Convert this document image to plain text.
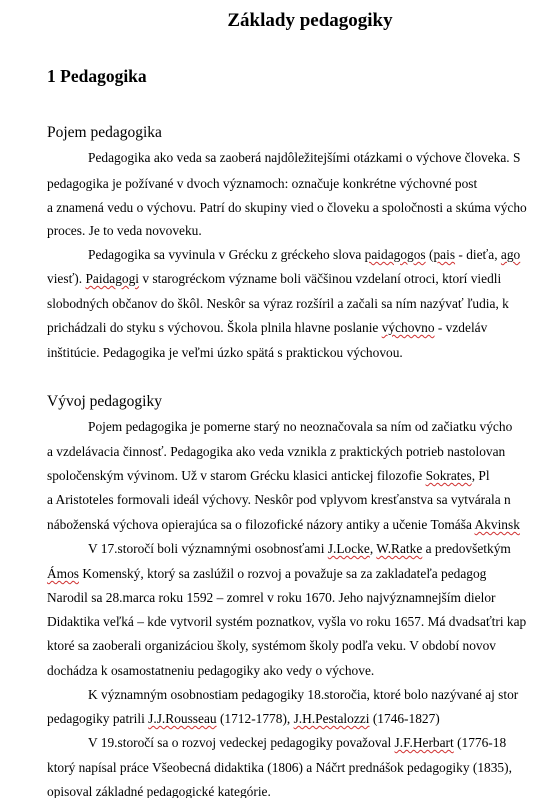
Základy pedagogiky
1 Pedagogika
Pojem pedagogika
Pedagogika ako veda sa zaoberá najdôležitejšími otázkami o výchove človeka. S
pedagogika je požívané v dvoch významoch: označuje konkrétne výchovné post
a znamená vedu o výchovu. Patrí do skupiny vied o človeku a spoločnosti a skúma výcho
proces. Je to veda novoveku.
Pedagogika sa vyvinula v Grécku z gréckeho slova paidagogos (pais - dieťa, ago
viesť). Paidagogi v starogréckom význame boli väčšinou vzdelaní otroci, ktorí viedli
slobodných občanov do škôl. Neskôr sa výraz rozšíril a začali sa ním nazývať ľudia, k
prichádzali do styku s výchovou. Škola plnila hlavne poslanie výchovno - vzdeláv
inštitúcie. Pedagogika je veľmi úzko spätá s praktickou výchovou.
Vývoj pedagogiky
Pojem pedagogika je pomerne starý no neoznačovala sa ním od začiatku výcho
a vzdelávacia činnosť. Pedagogika ako veda vznikla z praktických potrieb nastolovan
spoločenským vývinom. Už v starom Grécku klasici antickej filozofie Sokrates, Pl
a Aristoteles formovali ideál výchovy. Neskôr pod vplyvom kresťanstva sa vytvárala n
náboženská výchova opierajúca sa o filozofické názory antiky a učenie Tomáša Akvinsk
V 17.storočí boli významnými osobnosťami J.Locke, W.Ratke a predovšetkým
Ámos Komenský, ktorý sa zaslúžil o rozvoj a považuje sa za zakladateľa pedagog
Narodil sa 28.marca roku 1592 – zomrel v roku 1670. Jeho najvýznamnejším dielor
Didaktika veľká – kde vytvoril systém poznatkov, vyšla vo roku 1657. Má dvadsaťtri kap
ktoré sa zaoberali organizáciou školy, systémom školy podľa veku. V období novov
dochádza k osamostatneniu pedagogiky ako vedy o výchove.
K významným osobnostiam pedagogiky 18.storočia, ktoré bolo nazývané aj stor
pedagogiky patrili J.J.Rousseau (1712-1778), J.H.Pestalozzi (1746-1827)
V 19.storočí sa o rozvoj vedeckej pedagogiky považoval J.F.Herbart (1776-18
ktorý napísal práce Všeobecná didaktika (1806) a Náčrt prednášok pedagogiky (1835),
opisoval základné pedagogické kategórie.
